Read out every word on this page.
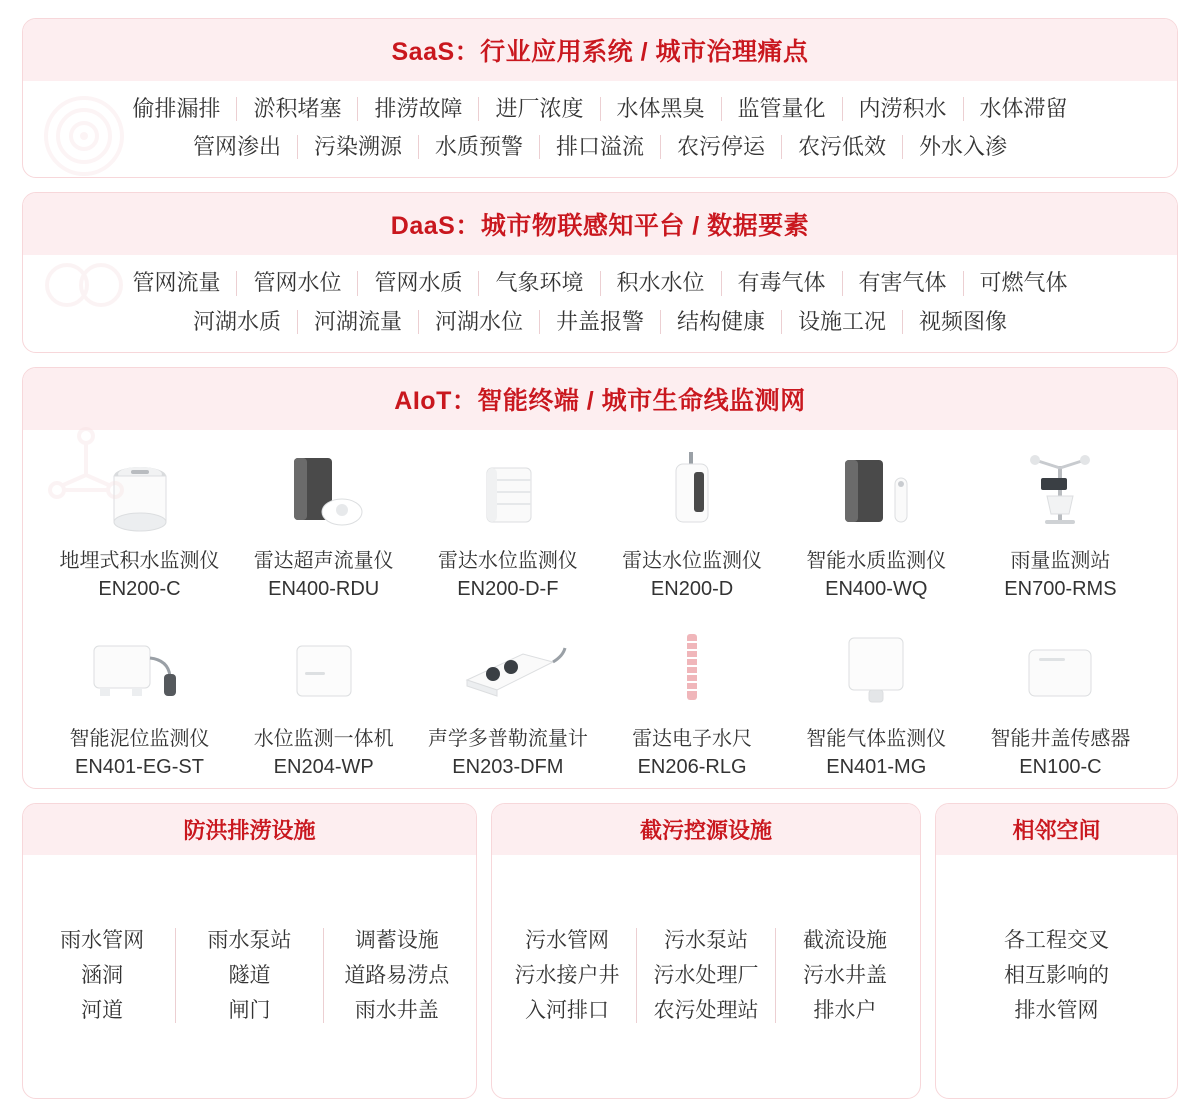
SaaS：行业应用系统 / 城市治理痛点
偷排漏排	淤积堵塞	排涝故障	进厂浓度	水体黑臭	监管量化	内涝积水	水体滞留
管网渗出	污染溯源	水质预警	排口溢流	农污停运	农污低效	外水入渗
DaaS：城市物联感知平台 / 数据要素
管网流量	管网水位	管网水质	气象环境	积水水位	有毒气体	有害气体	可燃气体
河湖水质	河湖流量	河湖水位	井盖报警	结构健康	设施工况	视频图像
AIoT：智能终端 / 城市生命线监测网
地埋式积水监测仪
EN200-C
雷达超声流量仪
EN400-RDU
雷达水位监测仪
EN200-D-F
雷达水位监测仪
EN200-D
智能水质监测仪
EN400-WQ
雨量监测站
EN700-RMS
智能泥位监测仪
EN401-EG-ST
水位监测一体机
EN204-WP
声学多普勒流量计
EN203-DFM
雷达电子水尺
EN206-RLG
智能气体监测仪
EN401-MG
智能井盖传感器
EN100-C
防洪排涝设施
雨水管网
涵洞
河道
雨水泵站
隧道
闸门
调蓄设施
道路易涝点
雨水井盖
截污控源设施
污水管网
污水接户井
入河排口
污水泵站
污水处理厂
农污处理站
截流设施
污水井盖
排水户
相邻空间
各工程交叉
相互影响的
排水管网
